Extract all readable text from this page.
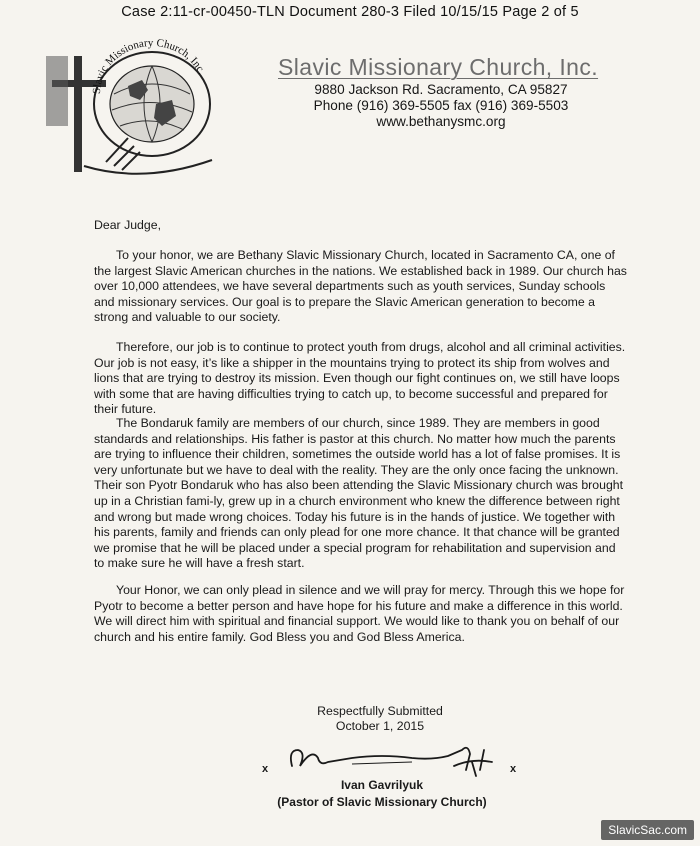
Case 2:11-cr-00450-TLN Document 280-3 Filed 10/15/15 Page 2 of 5
Slavic Missionary Church, Inc.	Slavic Missionary Church, Inc.
9880 Jackson Rd. Sacramento, CA 95827
Phone (916) 369-5505 fax (916) 369-5503
www.bethanysmc.org
Dear Judge,
To your honor, we are Bethany Slavic Missionary Church, located in Sacramento CA, one of the largest Slavic American churches in the nations. We established back in 1989. Our church has over 10,000 attendees, we have several departments such as youth services, Sunday schools and missionary services. Our goal is to prepare the Slavic American generation to become a strong and valuable to our society.
Therefore, our job is to continue to protect youth from drugs, alcohol and all criminal activities. Our job is not easy, it’s like a shipper in the mountains trying to protect its ship from wolves and lions that are trying to destroy its mission. Even though our fight continues on, we still have loops with some that are having difficulties trying to catch up, to become successful and prepared for their future.
The Bondaruk family are members of our church, since 1989. They are members in good standards and relationships. His father is pastor at this church. No matter how much the parents are trying to influence their children, sometimes the outside world has a lot of false promises. It is very unfortunate but we have to deal with the reality. They are the only once facing the unknown. Their son Pyotr Bondaruk who has also been attending the Slavic Missionary church was brought up in a Christian fami-ly, grew up in a church environment who knew the difference between right and wrong but made wrong choices. Today his future is in the hands of justice. We together with his parents, family and friends can only plead for one more chance. It that chance will be granted we promise that he will be placed under a special program for rehabilitation and supervision and to make sure he will have a fresh start.
Your Honor, we can only plead in silence and we will pray for mercy. Through this we hope for Pyotr to become a better person and have hope for his future and make a difference in this world. We will direct him with spiritual and financial support. We would like to thank you on behalf of our church and his entire family. God Bless you and God Bless America.
Respectfully Submitted
October 1, 2015
x	x
Ivan Gavrilyuk
(Pastor of Slavic Missionary Church)
SlavicSac.com
